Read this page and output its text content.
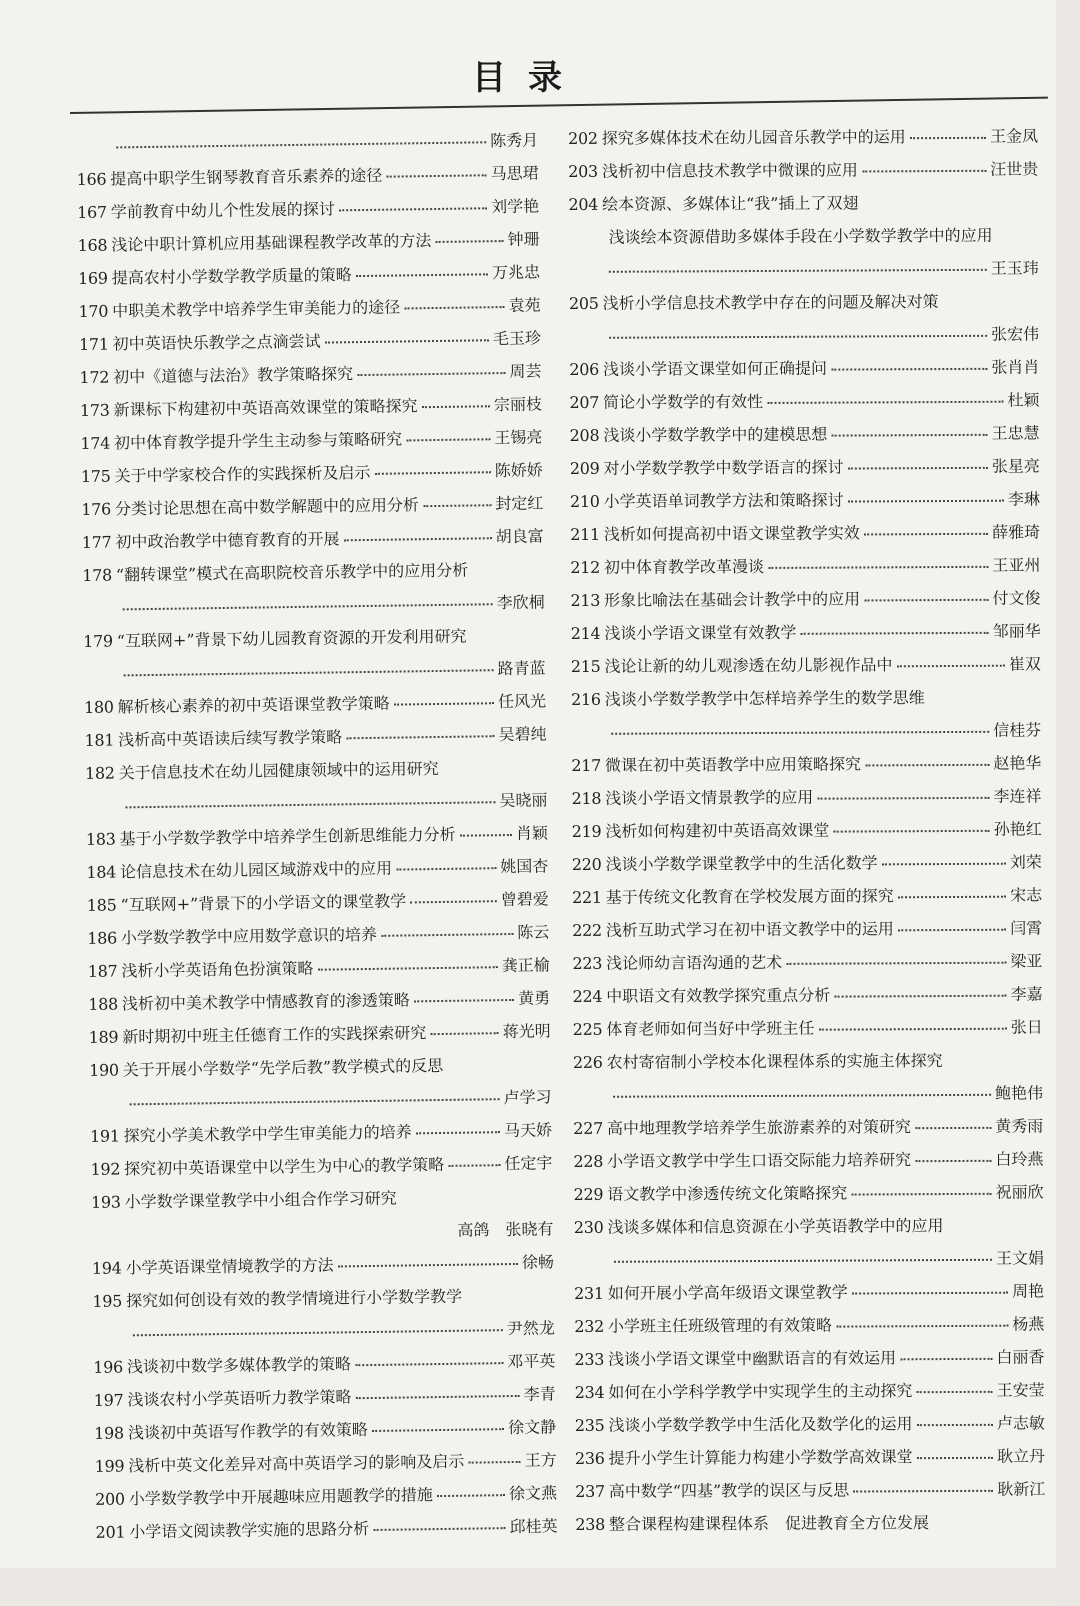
目录
陈秀月
166 提高中职学生钢琴教育音乐素养的途径	马思珺
167 学前教育中幼儿个性发展的探讨	刘学艳
168 浅论中职计算机应用基础课程教学改革的方法	钟珊
169 提高农村小学数学教学质量的策略	万兆忠
170 中职美术教学中培养学生审美能力的途径	袁苑
171 初中英语快乐教学之点滴尝试	毛玉珍
172 初中《道德与法治》教学策略探究	周芸
173 新课标下构建初中英语高效课堂的策略探究	宗丽枝
174 初中体育教学提升学生主动参与策略研究	王锡亮
175 关于中学家校合作的实践探析及启示	陈娇娇
176 分类讨论思想在高中数学解题中的应用分析	封定红
177 初中政治教学中德育教育的开展	胡良富
178 “翻转课堂”模式在高职院校音乐教学中的应用分析
李欣桐
179 “互联网+”背景下幼儿园教育资源的开发利用研究
路青蓝
180 解析核心素养的初中英语课堂教学策略	任风光
181 浅析高中英语读后续写教学策略	吴碧纯
182 关于信息技术在幼儿园健康领域中的运用研究
吴晓丽
183 基于小学数学教学中培养学生创新思维能力分析	肖颖
184 论信息技术在幼儿园区域游戏中的应用	姚国杏
185 “互联网+”背景下的小学语文的课堂教学	曾碧爱
186 小学数学教学中应用数学意识的培养	陈云
187 浅析小学英语角色扮演策略	龚正榆
188 浅析初中美术教学中情感教育的渗透策略	黄勇
189 新时期初中班主任德育工作的实践探索研究	蒋光明
190 关于开展小学数学“先学后教”教学模式的反思
卢学习
191 探究小学美术教学中学生审美能力的培养	马天娇
192 探究初中英语课堂中以学生为中心的教学策略	任定宇
193 小学数学课堂教学中小组合作学习研究
高鸽　张晓有
194 小学英语课堂情境教学的方法	徐畅
195 探究如何创设有效的教学情境进行小学数学教学
尹然龙
196 浅谈初中数学多媒体教学的策略	邓平英
197 浅谈农村小学英语听力教学策略	李青
198 浅谈初中英语写作教学的有效策略	徐文静
199 浅析中英文化差异对高中英语学习的影响及启示	王方
200 小学数学教学中开展趣味应用题教学的措施	徐文燕
201 小学语文阅读教学实施的思路分析	邱桂英
202 探究多媒体技术在幼儿园音乐教学中的运用	王金凤
203 浅析初中信息技术教学中微课的应用	汪世贵
204 绘本资源、多媒体让“我”插上了双翅
浅谈绘本资源借助多媒体手段在小学数学教学中的应用
王玉玮
205 浅析小学信息技术教学中存在的问题及解决对策
张宏伟
206 浅谈小学语文课堂如何正确提问	张肖肖
207 简论小学数学的有效性	杜颖
208 浅谈小学数学教学中的建模思想	王忠慧
209 对小学数学教学中数学语言的探讨	张星亮
210 小学英语单词教学方法和策略探讨	李琳
211 浅析如何提高初中语文课堂教学实效	薛雅琦
212 初中体育教学改革漫谈	王亚州
213 形象比喻法在基础会计教学中的应用	付文俊
214 浅谈小学语文课堂有效教学	邹丽华
215 浅论让新的幼儿观渗透在幼儿影视作品中	崔双
216 浅谈小学数学教学中怎样培养学生的数学思维
信桂芬
217 微课在初中英语教学中应用策略探究	赵艳华
218 浅谈小学语文情景教学的应用	李连祥
219 浅析如何构建初中英语高效课堂	孙艳红
220 浅谈小学数学课堂教学中的生活化数学	刘荣
221 基于传统文化教育在学校发展方面的探究	宋志
222 浅析互助式学习在初中语文教学中的运用	闫霄
223 浅论师幼言语沟通的艺术	梁亚
224 中职语文有效教学探究重点分析	李嘉
225 体育老师如何当好中学班主任	张日
226 农村寄宿制小学校本化课程体系的实施主体探究
鲍艳伟
227 高中地理教学培养学生旅游素养的对策研究	黄秀雨
228 小学语文教学中学生口语交际能力培养研究	白玲燕
229 语文教学中渗透传统文化策略探究	祝丽欣
230 浅谈多媒体和信息资源在小学英语教学中的应用
王文娟
231 如何开展小学高年级语文课堂教学	周艳
232 小学班主任班级管理的有效策略	杨燕
233 浅谈小学语文课堂中幽默语言的有效运用	白丽香
234 如何在小学科学教学中实现学生的主动探究	王安莹
235 浅谈小学数学教学中生活化及数学化的运用	卢志敏
236 提升小学生计算能力构建小学数学高效课堂	耿立丹
237 高中数学“四基”教学的误区与反思	耿新江
238 整合课程构建课程体系　促进教育全方位发展
